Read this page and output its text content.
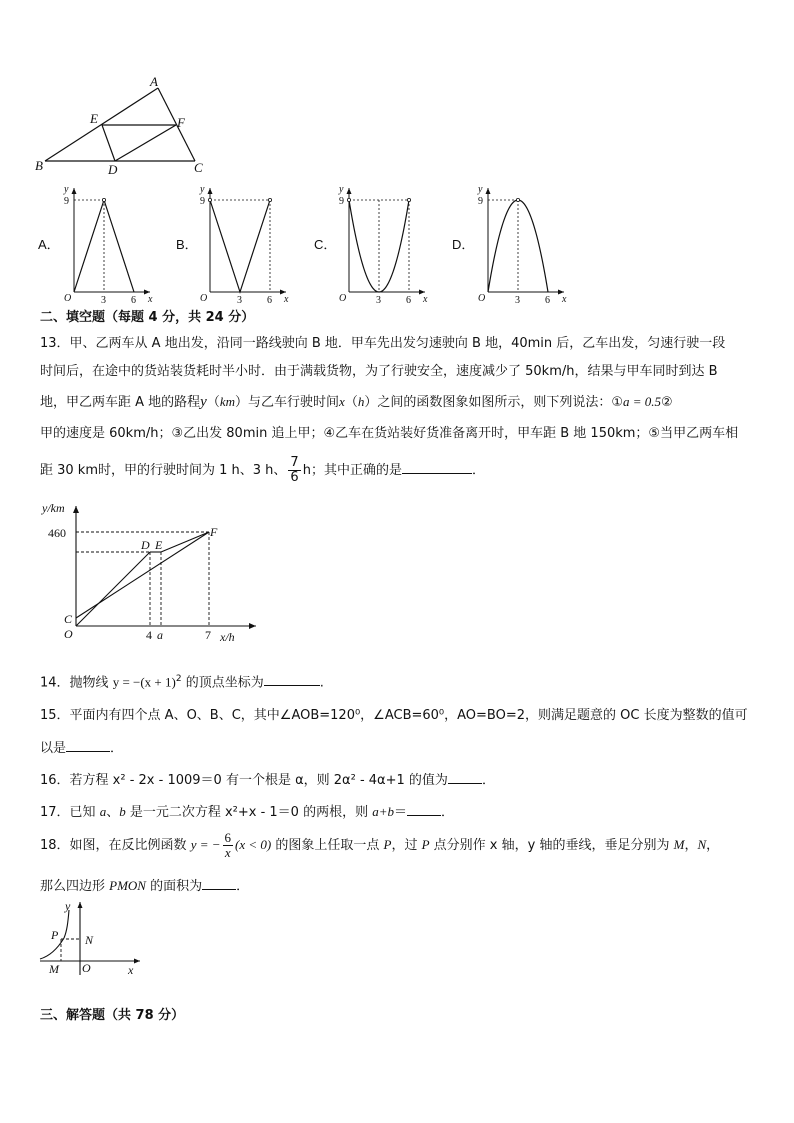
A
B	C
D
E	F
A．	B．	C．	D．
y
x
O
9
3	6
y
x
O
9
3	6
y
x
O
9
3	6
y
x
O
9
3	6
二、填空题（每题 4 分，共 24 分）
13．甲、乙两车从 A 地出发，沿同一路线驶向 B 地．甲车先出发匀速驶向 B 地，40min 后，乙车出发，匀速行驶一段
时间后，在途中的货站装货耗时半小时．由于满载货物，为了行驶安全，速度减少了 50km/h，结果与甲车同时到达 B
地，甲乙两车距 A 地的路程y（km）与乙车行驶时间x（h）之间的函数图象如图所示，则下列说法：①a = 0.5②
甲的速度是 60km/h；③乙出发 80min 追上甲；④乙车在货站装好货准备离开时，甲车距 B 地 150km；⑤当甲乙两车相
距 30 km时，甲的行驶时间为 1 h、3 h、 $\frac{7}{6}$ h；其中正确的是	．
y/km
460
O
C
D E
F
4 a	7 x/h
14．抛物线 $y = -(x + 1)^2$ 的顶点坐标为	.
15．平面内有四个点 A、O、B、C，其中∠AOB=120⁰，∠ACB=60⁰，AO=BO=2，则满足题意的 OC 长度为整数的值可
以是	．
16．若方程 x² - 2x - 1009＝0 有一个根是 α，则 2α² - 4α+1 的值为	．
17．已知 a、b 是一元二次方程 x²+x - 1＝0 的两根，则 a+b＝	．
18．如图，在反比例函数 y = − $\frac{6}{x} (x < 0)$ 的图象上任取一点 P，过 P 点分别作 x 轴，y 轴的垂线，垂足分别为 M，N，
那么四边形 PMON 的面积为	．
y
x
P N
M O
三、解答题（共 78 分）
